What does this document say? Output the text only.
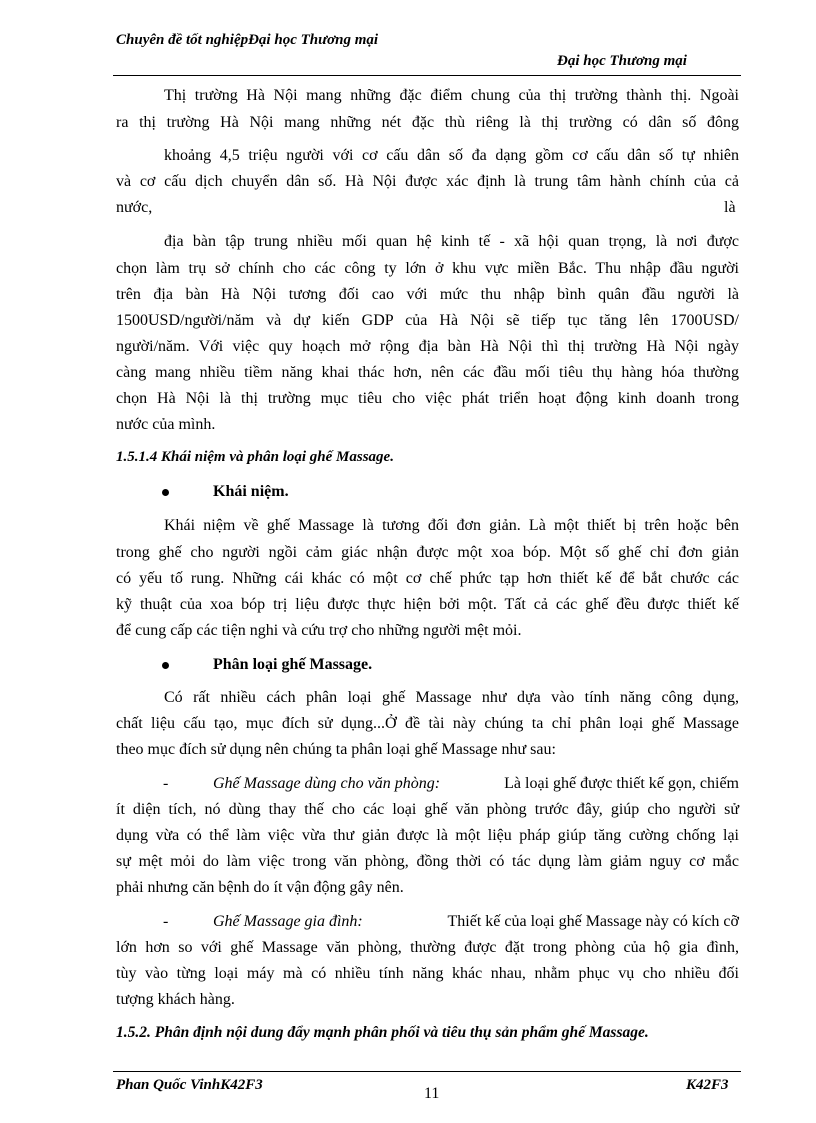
Chuyên đề tốt nghiệpĐại học Thương mại
Đại học Thương mại
Thị trường Hà Nội mang những đặc điểm chung của thị trường thành thị. Ngoài
ra thị trường Hà Nội mang những nét đặc thù riêng là thị trường có dân số đông
khoảng 4,5 triệu người với cơ cấu dân số đa dạng gồm cơ cấu dân số tự nhiên
và cơ cấu dịch chuyển dân số. Hà Nội được xác định là trung tâm hành chính của cả
nước,	là
địa bàn tập trung nhiều mối quan hệ kinh tế - xã hội quan trọng, là nơi được
chọn làm trụ sở chính cho các công ty lớn ở khu vực miền Bắc. Thu nhập đầu người
trên địa bàn Hà Nội tương đối cao với mức thu nhập bình quân đầu người là
1500USD/người/năm và dự kiến GDP của Hà Nội sẽ tiếp tục tăng lên 1700USD/
người/năm. Với việc quy hoạch mở rộng địa bàn Hà Nội thì thị trường Hà Nội ngày
càng mang nhiều tiềm năng khai thác hơn, nên các đầu mối tiêu thụ hàng hóa thường
chọn Hà Nội là thị trường mục tiêu cho việc phát triển hoạt động kinh doanh trong
nước của mình.
1.5.1.4 Khái niệm và phân loại ghế Massage.
Khái niệm.
Khái niệm về ghế Massage là tương đối đơn giản. Là một thiết bị trên hoặc bên
trong ghế cho người ngồi cảm giác nhận được một xoa bóp. Một số ghế chỉ đơn giản
có yếu tố rung. Những cái khác có một cơ chế phức tạp hơn thiết kế để bắt chước các
kỹ thuật của xoa bóp trị liệu được thực hiện bởi một. Tất cả các ghế đều được thiết kế
để cung cấp các tiện nghi và cứu trợ cho những người mệt mỏi.
Phân loại ghế Massage.
Có rất nhiều cách phân loại ghế Massage như dựa vào tính năng công dụng,
chất liệu cấu tạo, mục đích sử dụng...Ở đề tài này chúng ta chỉ phân loại ghế Massage
theo mục đích sử dụng nên chúng ta phân loại ghế Massage như sau:
-	Ghế Massage dùng cho văn phòng:	Là loại ghế được thiết kế gọn, chiếm
ít diện tích, nó dùng thay thế cho các loại ghế văn phòng trước đây, giúp cho người sử
dụng vừa có thể làm việc vừa thư giản được là một liệu pháp giúp tăng cường chống lại
sự mệt mỏi do làm việc trong văn phòng, đồng thời có tác dụng làm giảm nguy cơ mắc
phải nhưng căn bệnh do ít vận động gây nên.
-	Ghế Massage gia đình:	Thiết kế của loại ghế Massage này có kích cỡ
lớn hơn so với ghế Massage văn phòng, thường được đặt trong phòng của hộ gia đình,
tùy vào từng loại máy mà có nhiều tính năng khác nhau, nhằm phục vụ cho nhiều đối
tượng khách hàng.
1.5.2. Phân định nội dung đẩy mạnh phân phối và tiêu thụ sản phẩm ghế Massage.
Phan Quốc VinhK42F3	11	K42F3
